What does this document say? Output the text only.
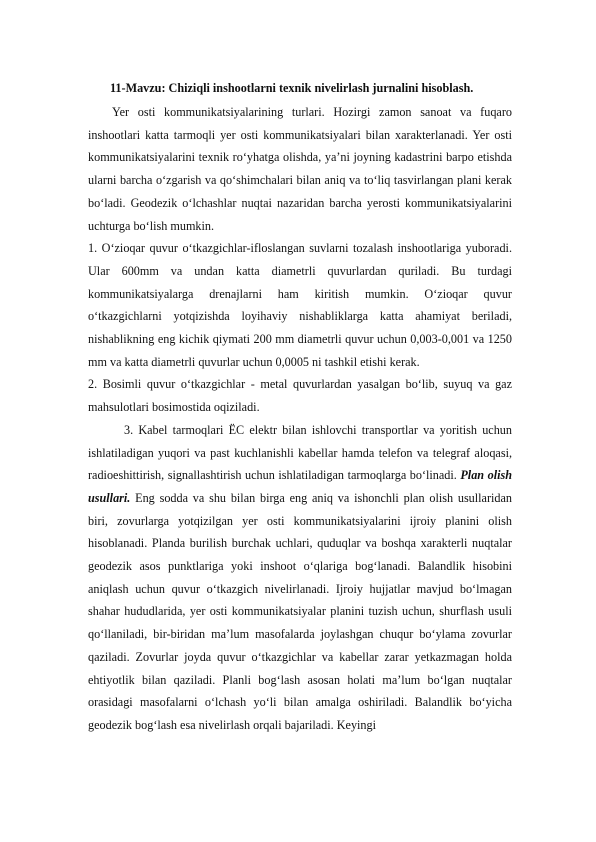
11-Mavzu: Chiziqli inshootlarni texnik nivelirlash jurnalini hisoblash.

Yer osti kommunikatsiyalarining turlari. Hozirgi zamon sanoat va fuqaro inshootlari katta tarmoqli yer osti kommunikatsiyalari bilan xarakterlanadi. Yer osti kommunikatsiyalarini texnik ro‘yhatga olishda, ya’ni joyning kadastrini barpo etishda ularni barcha o‘zgarish va qo‘shimchalari bilan aniq va to‘liq tasvirlangan plani kerak bo‘ladi. Geodezik o‘lchashlar nuqtai nazaridan barcha yerosti kommunikatsiyalarini uchturga bo‘lish mumkin.

1. O‘zioqar quvur o‘tkazgichlar-ifloslangan suvlarni tozalash inshootlariga yuboradi. Ular 600mm va undan katta diametrli quvurlardan quriladi. Bu turdagi kommunikatsiyalarga drenajlarni ham kiritish mumkin. O‘zioqar quvur o‘tkazgichlarni yotqizishda loyihaviy nishabliklarga katta ahamiyat beriladi, nishablikning eng kichik qiymati 200 mm diametrli quvur uchun 0,003-0,001 va 1250 mm va katta diametrli quvurlar uchun 0,0005 ni tashkil etishi kerak.

2. Bosimli quvur o‘tkazgichlar - metal quvurlardan yasalgan bo‘lib, suyuq va gaz mahsulotlari bosimostida oqiziladi.

3. Kabel tarmoqlari ЁС elektr bilan ishlovchi transportlar va yoritish uchun ishlatiladigan yuqori va past kuchlanishli kabellar hamda telefon va telegraf aloqasi, radioeshittirish, signallashtirish uchun ishlatiladigan tarmoqlarga bo‘linadi. Plan olish usullari. Eng sodda va shu bilan birga eng aniq va ishonchli plan olish usullaridan biri, zovurlarga yotqizilgan yer osti kommunikatsiyalarini ijroiy planini olish hisoblanadi. Planda burilish burchak uchlari, quduqlar va boshqa xarakterli nuqtalar geodezik asos punktlariga yoki inshoot o‘qlariga bog‘lanadi. Balandlik hisobini aniqlash uchun quvur o‘tkazgich nivelirlanadi. Ijroiy hujjatlar mavjud bo‘lmagan shahar hududlarida, yer osti kommunikatsiyalar planini tuzish uchun, shurflash usuli qo‘llaniladi, bir-biridan ma’lum masofalarda joylashgan chuqur bo‘ylama zovurlar qaziladi. Zovurlar joyda quvur o‘tkazgichlar va kabellar zarar yetkazmagan holda ehtiyotlik bilan qaziladi. Planli bog‘lash asosan holati ma’lum bo‘lgan nuqtalar orasidagi masofalarni o‘lchash yo‘li bilan amalga oshiriladi. Balandlik bo‘yicha geodezik bog‘lash esa nivelirlash orqali bajariladi. Keyingi
